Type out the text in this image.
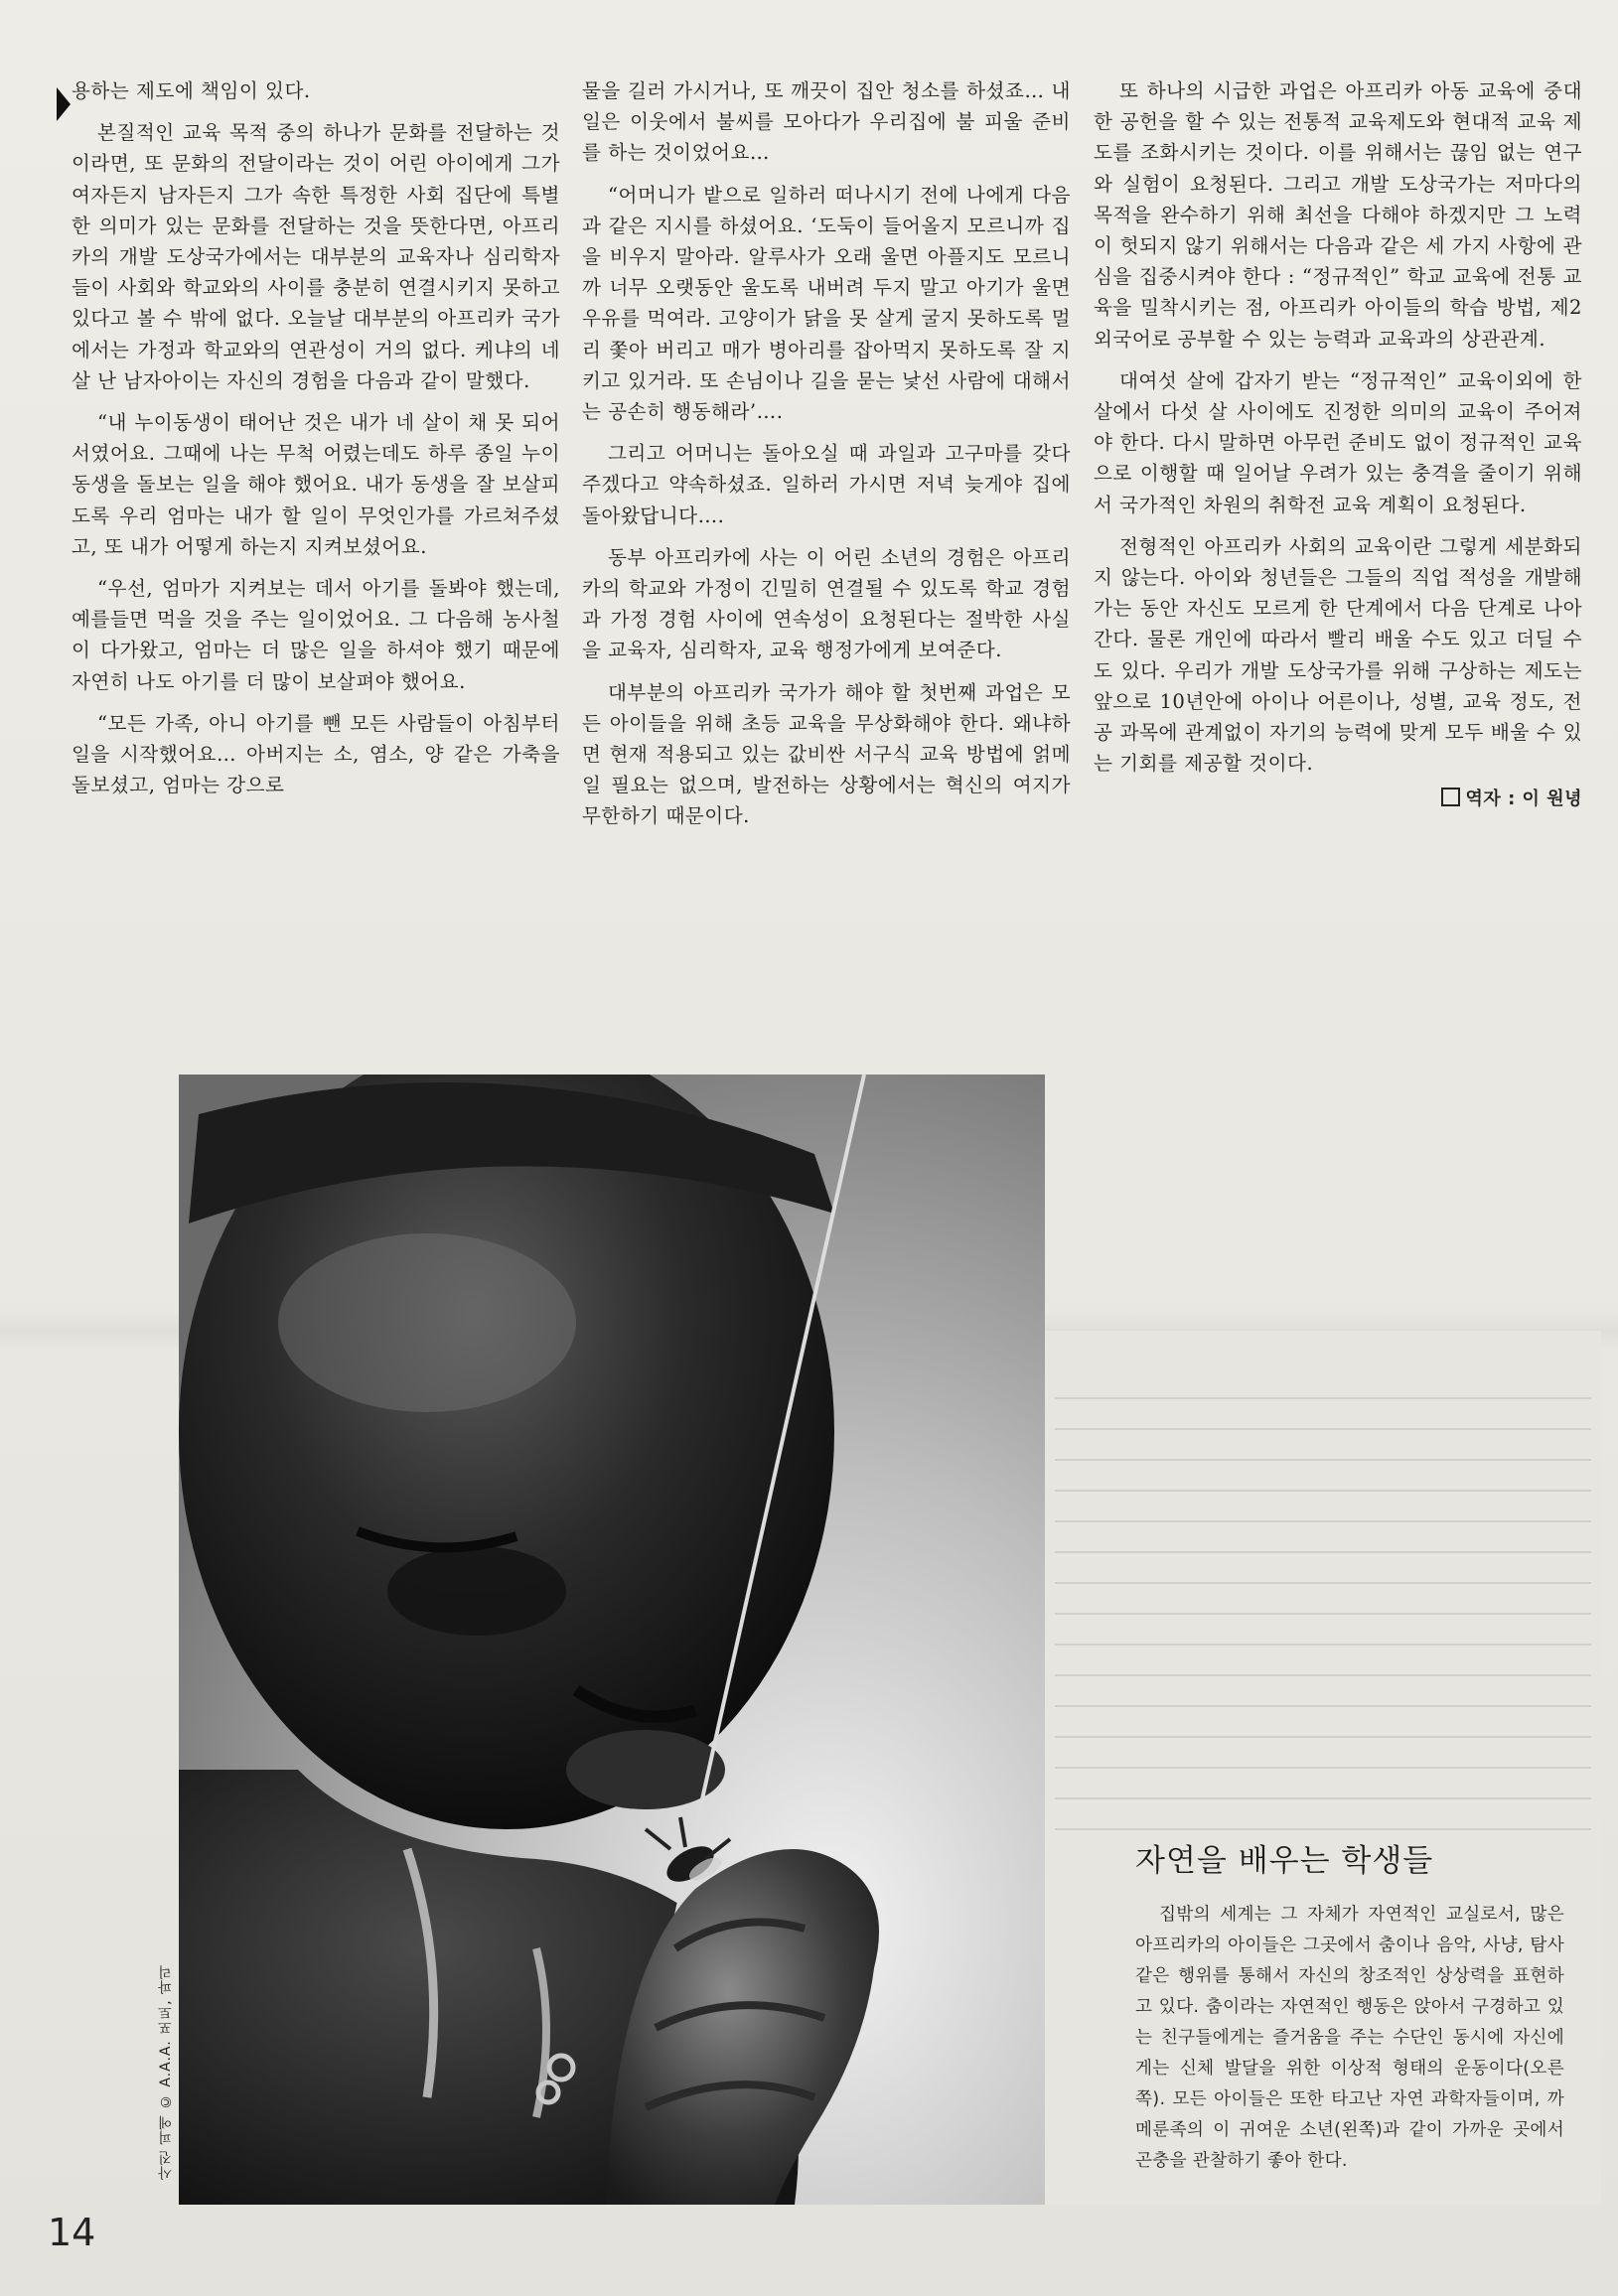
용하는 제도에 책임이 있다.

본질적인 교육 목적 중의 하나가 문화를 전달하는 것이라면, 또 문화의 전달이라는 것이 어린 아이에게 그가 여자든지 남자든지 그가 속한 특정한 사회 집단에 특별한 의미가 있는 문화를 전달하는 것을 뜻한다면, 아프리카의 개발 도상국가에서는 대부분의 교육자나 심리학자들이 사회와 학교와의 사이를 충분히 연결시키지 못하고 있다고 볼 수 밖에 없다. 오늘날 대부분의 아프리카 국가에서는 가정과 학교와의 연관성이 거의 없다. 케냐의 네 살 난 남자아이는 자신의 경험을 다음과 같이 말했다.

“내 누이동생이 태어난 것은 내가 네 살이 채 못 되어서였어요. 그때에 나는 무척 어렸는데도 하루 종일 누이동생을 돌보는 일을 해야 했어요. 내가 동생을 잘 보살피도록 우리 엄마는 내가 할 일이 무엇인가를 가르쳐주셨고, 또 내가 어떻게 하는지 지켜보셨어요.

“우선, 엄마가 지켜보는 데서 아기를 돌봐야 했는데, 예를들면 먹을 것을 주는 일이었어요. 그 다음해 농사철이 다가왔고, 엄마는 더 많은 일을 하셔야 했기 때문에 자연히 나도 아기를 더 많이 보살펴야 했어요.

“모든 가족, 아니 아기를 뺀 모든 사람들이 아침부터 일을 시작했어요… 아버지는 소, 염소, 양 같은 가축을 돌보셨고, 엄마는 강으로

물을 길러 가시거나, 또 깨끗이 집안 청소를 하셨죠… 내 일은 이웃에서 불씨를 모아다가 우리집에 불 피울 준비를 하는 것이었어요…

“어머니가 밭으로 일하러 떠나시기 전에 나에게 다음과 같은 지시를 하셨어요. ‘도둑이 들어올지 모르니까 집을 비우지 말아라. 알루사가 오래 울면 아플지도 모르니까 너무 오랫동안 울도록 내버려 두지 말고 아기가 울면 우유를 먹여라. 고양이가 닭을 못 살게 굴지 못하도록 멀리 쫓아 버리고 매가 병아리를 잡아먹지 못하도록 잘 지키고 있거라. 또 손님이나 길을 묻는 낯선 사람에 대해서는 공손히 행동해라’….

그리고 어머니는 돌아오실 때 과일과 고구마를 갖다 주겠다고 약속하셨죠. 일하러 가시면 저녁 늦게야 집에 돌아왔답니다….

동부 아프리카에 사는 이 어린 소년의 경험은 아프리카의 학교와 가정이 긴밀히 연결될 수 있도록 학교 경험과 가정 경험 사이에 연속성이 요청된다는 절박한 사실을 교육자, 심리학자, 교육 행정가에게 보여준다.

대부분의 아프리카 국가가 해야 할 첫번째 과업은 모든 아이들을 위해 초등 교육을 무상화해야 한다. 왜냐하면 현재 적용되고 있는 값비싼 서구식 교육 방법에 얽메일 필요는 없으며, 발전하는 상황에서는 혁신의 여지가 무한하기 때문이다.

또 하나의 시급한 과업은 아프리카 아동 교육에 중대한 공헌을 할 수 있는 전통적 교육제도와 현대적 교육 제도를 조화시키는 것이다. 이를 위해서는 끊임 없는 연구와 실험이 요청된다. 그리고 개발 도상국가는 저마다의 목적을 완수하기 위해 최선을 다해야 하겠지만 그 노력이 헛되지 않기 위해서는 다음과 같은 세 가지 사항에 관심을 집중시켜야 한다 : “정규적인” 학교 교육에 전통 교육을 밀착시키는 점, 아프리카 아이들의 학습 방법, 제2외국어로 공부할 수 있는 능력과 교육과의 상관관계.

대여섯 살에 갑자기 받는 “정규적인” 교육이외에 한 살에서 다섯 살 사이에도 진정한 의미의 교육이 주어져야 한다. 다시 말하면 아무런 준비도 없이 정규적인 교육으로 이행할 때 일어날 우려가 있는 충격을 줄이기 위해서 국가적인 차원의 취학전 교육 계획이 요청된다.

전형적인 아프리카 사회의 교육이란 그렇게 세분화되지 않는다. 아이와 청년들은 그들의 직업 적성을 개발해가는 동안 자신도 모르게 한 단계에서 다음 단계로 나아간다. 물론 개인에 따라서 빨리 배울 수도 있고 더딜 수도 있다. 우리가 개발 도상국가를 위해 구상하는 제도는 앞으로 10년안에 아이나 어른이나, 성별, 교육 정도, 전공 과목에 관계없이 자기의 능력에 맞게 모두 배울 수 있는 기회를 제공할 것이다.

역자 : 이 원녕
사진 피에 © A.A.A. 포토, 파리
자연을 배우는 학생들

집밖의 세계는 그 자체가 자연적인 교실로서, 많은 아프리카의 아이들은 그곳에서 춤이나 음악, 사냥, 탐사 같은 행위를 통해서 자신의 창조적인 상상력을 표현하고 있다. 춤이라는 자연적인 행동은 앉아서 구경하고 있는 친구들에게는 즐거움을 주는 수단인 동시에 자신에게는 신체 발달을 위한 이상적 형태의 운동이다(오른쪽). 모든 아이들은 또한 타고난 자연 과학자들이며, 까메룬족의 이 귀여운 소년(왼쪽)과 같이 가까운 곳에서 곤충을 관찰하기 좋아 한다.

14
